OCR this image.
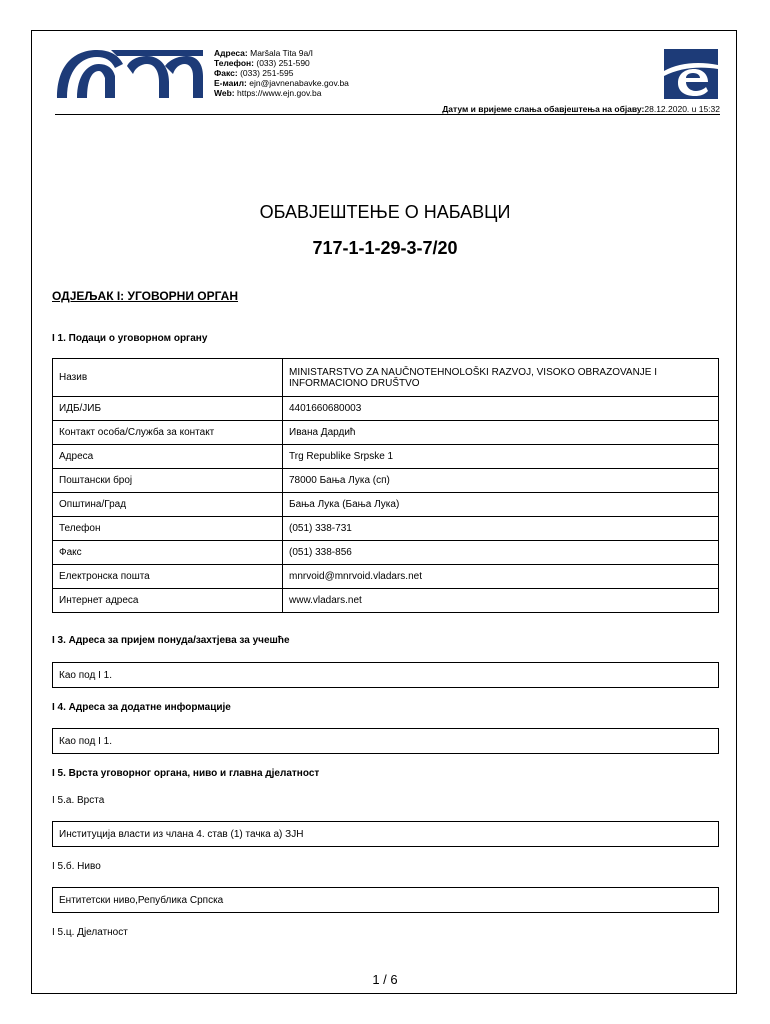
Адреса: Maršala Tita 9a/I
Телефон: (033) 251-590
Факс: (033) 251-595
E-маил: ejn@javnenabavke.gov.ba
Web: https://www.ejn.gov.ba
Датум и вријеме слања обавјештења на објаву:28.12.2020. u 15:32
ОБАВЈЕШТЕЊЕ О НАБАВЦИ
717-1-1-29-3-7/20
ОДЈЕЉАК I: УГОВОРНИ ОРГАН
I 1. Подаци о уговорном органу
Назив	MINISTARSTVO ZA NAUČNOTEHNOLOŠKI RAZVOJ, VISOKO OBRAZOVANJE I INFORMACIONO DRUŠTVO
ИДБ/ЈИБ	4401660680003
Контакт особа/Служба за контакт	Ивана Дардић
Адреса	Trg Republike Srpske 1
Поштански број	78000 Бања Лука (сп)
Општина/Град	Бања Лука (Бања Лука)
Телефон	(051) 338-731
Факс	(051) 338-856
Електронска пошта	mnrvoid@mnrvoid.vladars.net
Интернет адреса	www.vladars.net
I 3. Адреса за пријем понуда/захтјева за учешће
Као под I 1.
I 4. Адреса за додатне информације
Као под I 1.
I 5. Врста уговорног органа, ниво и главна дјелатност
I 5.а. Врста
Институција власти из члана 4. став (1) тачка а) ЗЈН
I 5.б. Ниво
Ентитетски ниво,Република Српска
I 5.ц. Дјелатност
1 / 6
